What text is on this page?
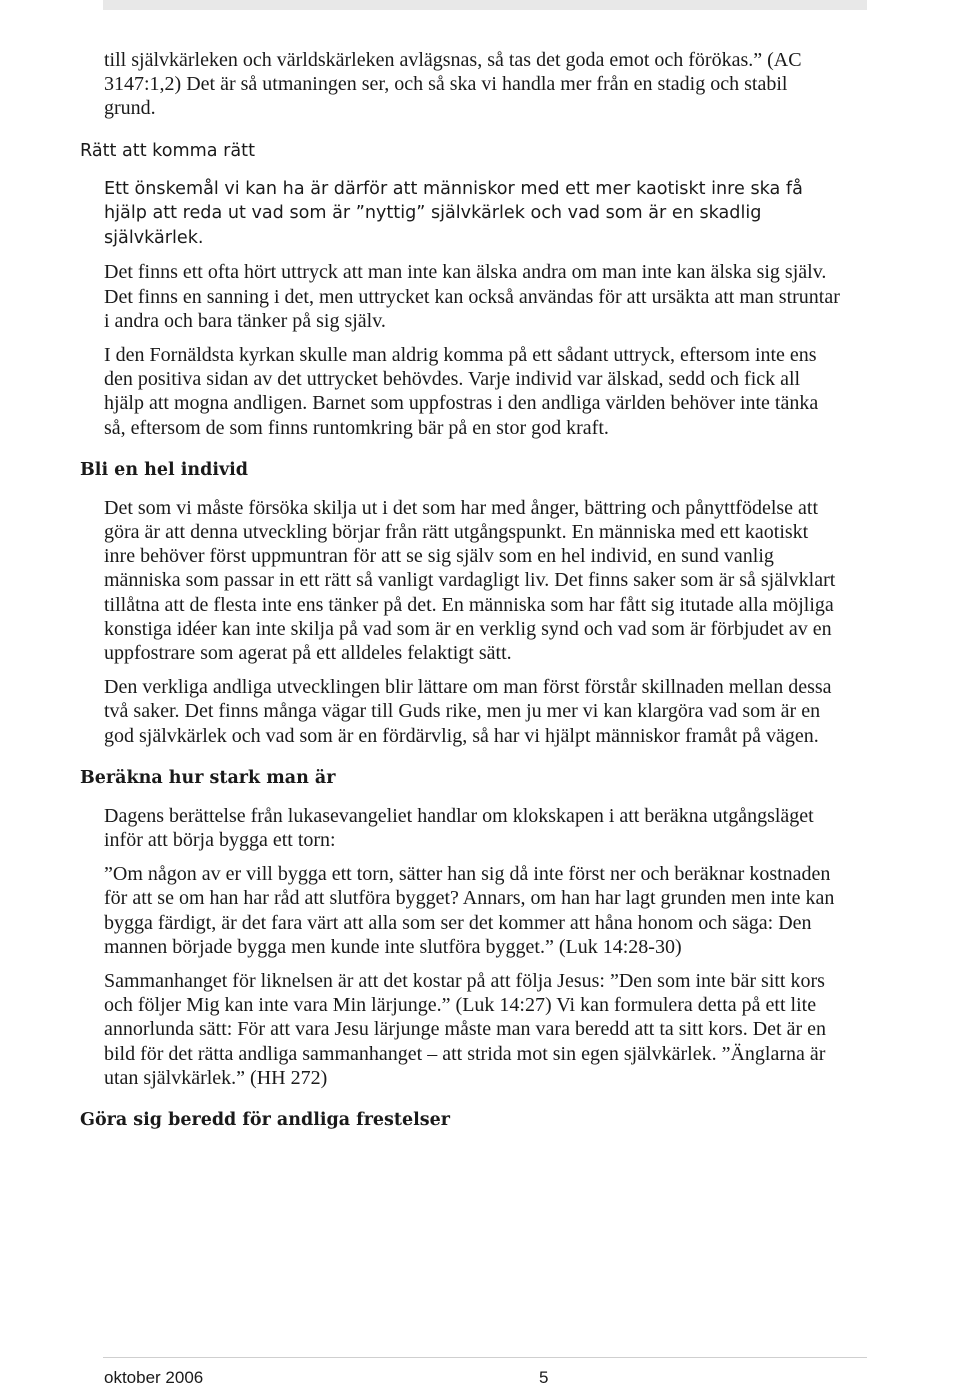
till självkärleken och världskärleken avlägsnas, så tas det goda emot och förökas.” (AC 3147:1,2) Det är så utmaningen ser, och så ska vi handla mer från en stadig och stabil grund.

Rätt att komma rätt

Ett önskemål vi kan ha är därför att människor med ett mer kaotiskt inre ska få hjälp att reda ut vad som är ”nyttig” självkärlek och vad som är en skadlig självkärlek.

Det finns ett ofta hört uttryck att man inte kan älska andra om man inte kan älska sig själv. Det finns en sanning i det, men uttrycket kan också användas för att ursäkta att man struntar i andra och bara tänker på sig själv.

I den Fornäldsta kyrkan skulle man aldrig komma på ett sådant uttryck, eftersom inte ens den positiva sidan av det uttrycket behövdes. Varje individ var älskad, sedd och fick all hjälp att mogna andligen. Barnet som uppfostras i den andliga världen behöver inte tänka så, eftersom de som finns runtomkring bär på en stor god kraft.

Bli en hel individ

Det som vi måste försöka skilja ut i det som har med ånger, bättring och pånyttfödelse att göra är att denna utveckling börjar från rätt utgångspunkt. En människa med ett kaotiskt inre behöver först uppmuntran för att se sig själv som en hel individ, en sund vanlig människa som passar in ett rätt så vanligt vardagligt liv. Det finns saker som är så självklart tillåtna att de flesta inte ens tänker på det. En människa som har fått sig itutade alla möjliga konstiga idéer kan inte skilja på vad som är en verklig synd och vad som är förbjudet av en uppfostrare som agerat på ett alldeles felaktigt sätt.

Den verkliga andliga utvecklingen blir lättare om man först förstår skillnaden mellan dessa två saker. Det finns många vägar till Guds rike, men ju mer vi kan klargöra vad som är en god självkärlek och vad som är en fördärvlig, så har vi hjälpt människor framåt på vägen.

Beräkna hur stark man är

Dagens berättelse från lukasevangeliet handlar om klokskapen i att beräkna utgångsläget inför att börja bygga ett torn:

”Om någon av er vill bygga ett torn, sätter han sig då inte först ner och beräknar kostnaden för att se om han har råd att slutföra bygget? Annars, om han har lagt grunden men inte kan bygga färdigt, är det fara värt att alla som ser det kommer att håna honom och säga: Den mannen började bygga men kunde inte slutföra bygget.” (Luk 14:28-30)

Sammanhanget för liknelsen är att det kostar på att följa Jesus: ”Den som inte bär sitt kors och följer Mig kan inte vara Min lärjunge.” (Luk 14:27) Vi kan formulera detta på ett lite annorlunda sätt: För att vara Jesu lärjunge måste man vara beredd att ta sitt kors. Det är en bild för det rätta andliga sammanhanget – att strida mot sin egen självkärlek. ”Änglarna är utan självkärlek.” (HH 272)

Göra sig beredd för andliga frestelser
oktober 2006	5
